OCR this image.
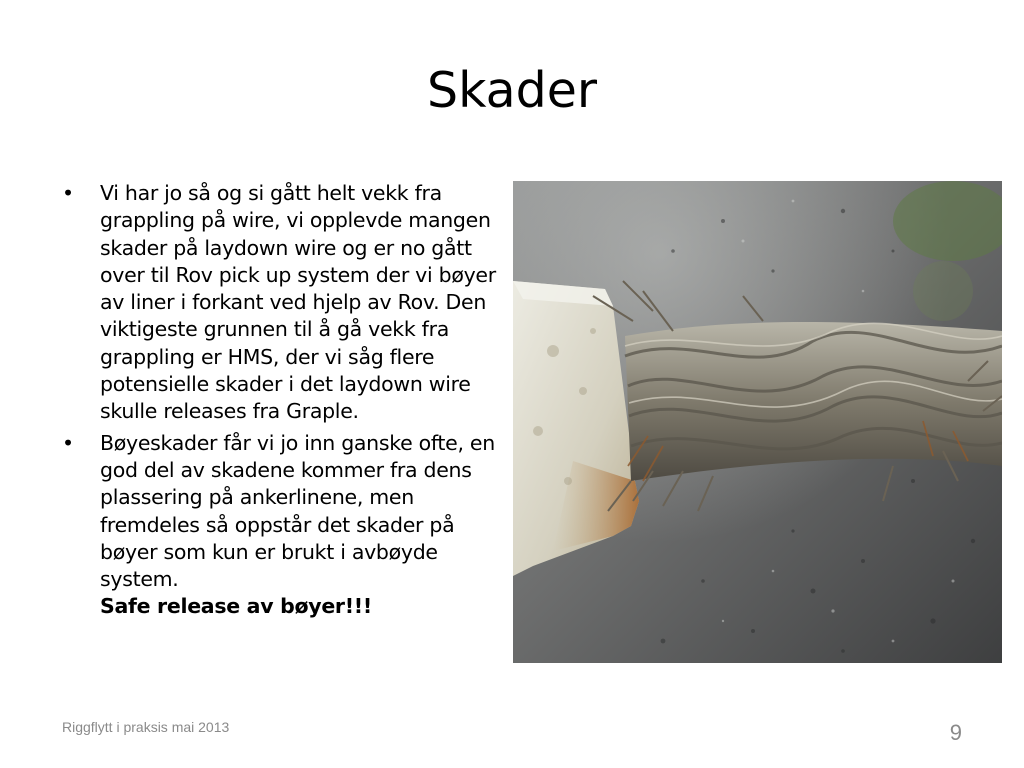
Skader
• Vi har jo så og si gått helt vekk fra grappling på wire, vi opplevde mangen skader på laydown wire og er no gått over til Rov pick up system der vi bøyer av liner i forkant ved hjelp av Rov. Den viktigeste grunnen til å gå vekk fra grappling er HMS, der vi såg flere potensielle skader i det laydown wire skulle releases fra Graple.
• Bøyeskader får vi jo inn ganske ofte, en god del av skadene kommer fra dens plassering på ankerlinene, men fremdeles så oppstår det skader på bøyer som kun er brukt i avbøyde system.
Safe release av bøyer!!!
Riggflytt i praksis mai 2013	9
